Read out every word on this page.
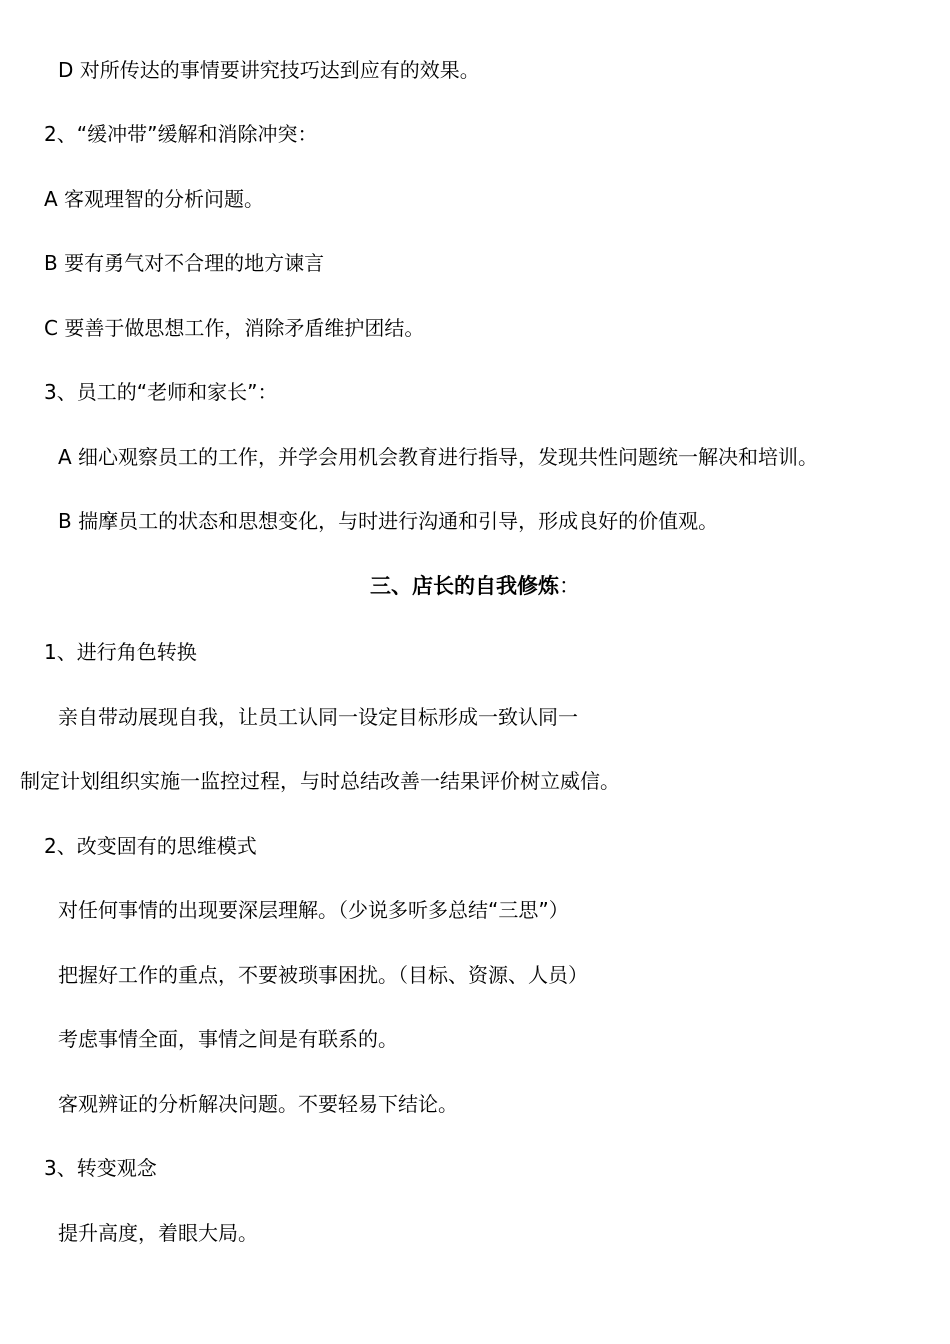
D 对所传达的事情要讲究技巧达到应有的效果。
2、“缓冲带”缓解和消除冲突：
A 客观理智的分析问题。
B 要有勇气对不合理的地方谏言
C 要善于做思想工作，消除矛盾维护团结。
3、员工的“老师和家长”：
A 细心观察员工的工作，并学会用机会教育进行指导，发现共性问题统一解决和培训。
B 揣摩员工的状态和思想变化，与时进行沟通和引导，形成良好的价值观。
三、店长的自我修炼：
1、进行角色转换
亲自带动展现自我，让员工认同一设定目标形成一致认同一
制定计划组织实施一监控过程，与时总结改善一结果评价树立威信。
2、改变固有的思维模式
对任何事情的出现要深层理解。（少说多听多总结“三思”）
把握好工作的重点，不要被琐事困扰。（目标、资源、人员）
考虑事情全面，事情之间是有联系的。
客观辨证的分析解决问题。不要轻易下结论。
3、转变观念
提升高度，着眼大局。
